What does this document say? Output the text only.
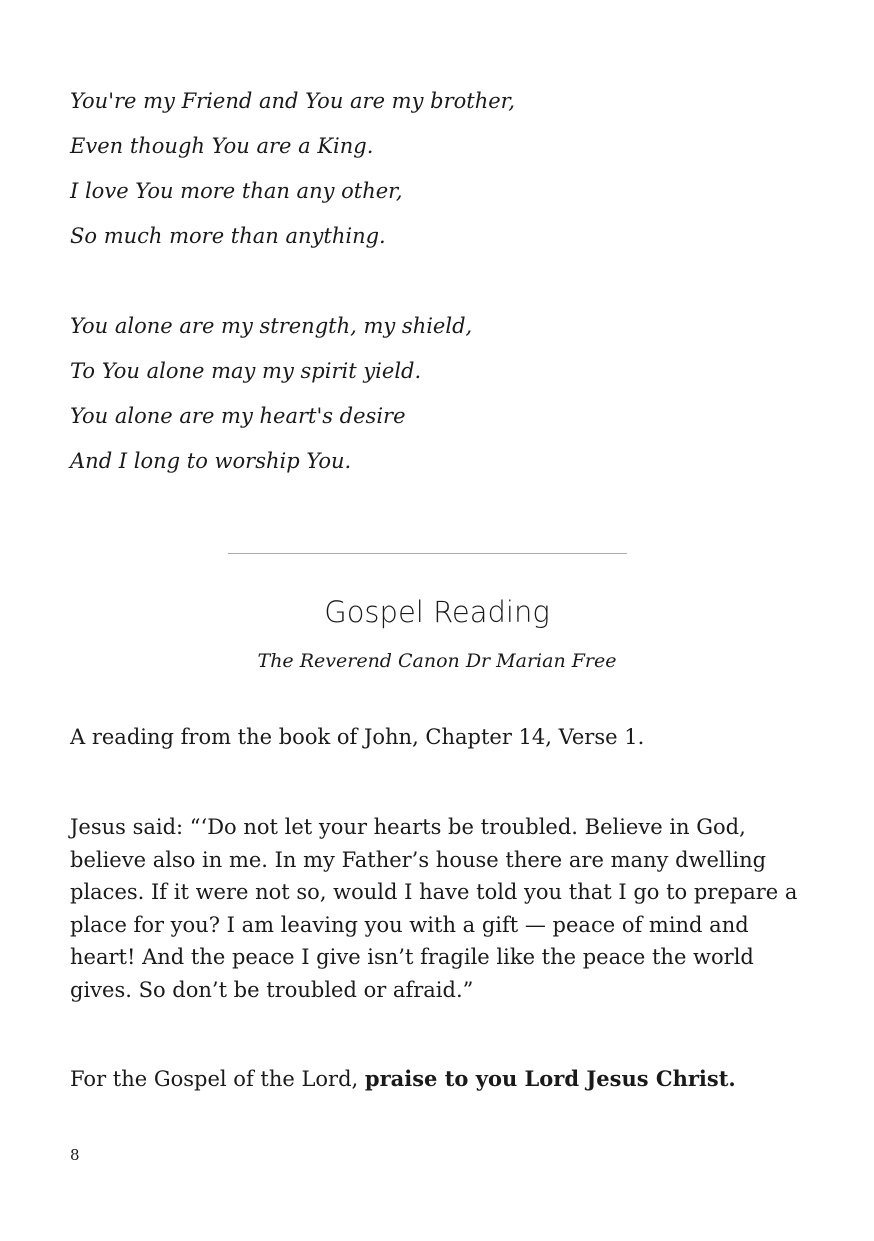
You're my Friend and You are my brother,
Even though You are a King.
I love You more than any other,
So much more than anything.
You alone are my strength, my shield,
To You alone may my spirit yield.
You alone are my heart's desire
And I long to worship You.
Gospel Reading
The Reverend Canon Dr Marian Free
A reading from the book of John, Chapter 14, Verse 1.
Jesus said: “‘Do not let your hearts be troubled. Believe in God, believe also in me. In my Father’s house there are many dwelling places. If it were not so, would I have told you that I go to prepare a place for you? I am leaving you with a gift — peace of mind and heart! And the peace I give isn’t fragile like the peace the world gives. So don’t be troubled or afraid.”
For the Gospel of the Lord, praise to you Lord Jesus Christ.
8
